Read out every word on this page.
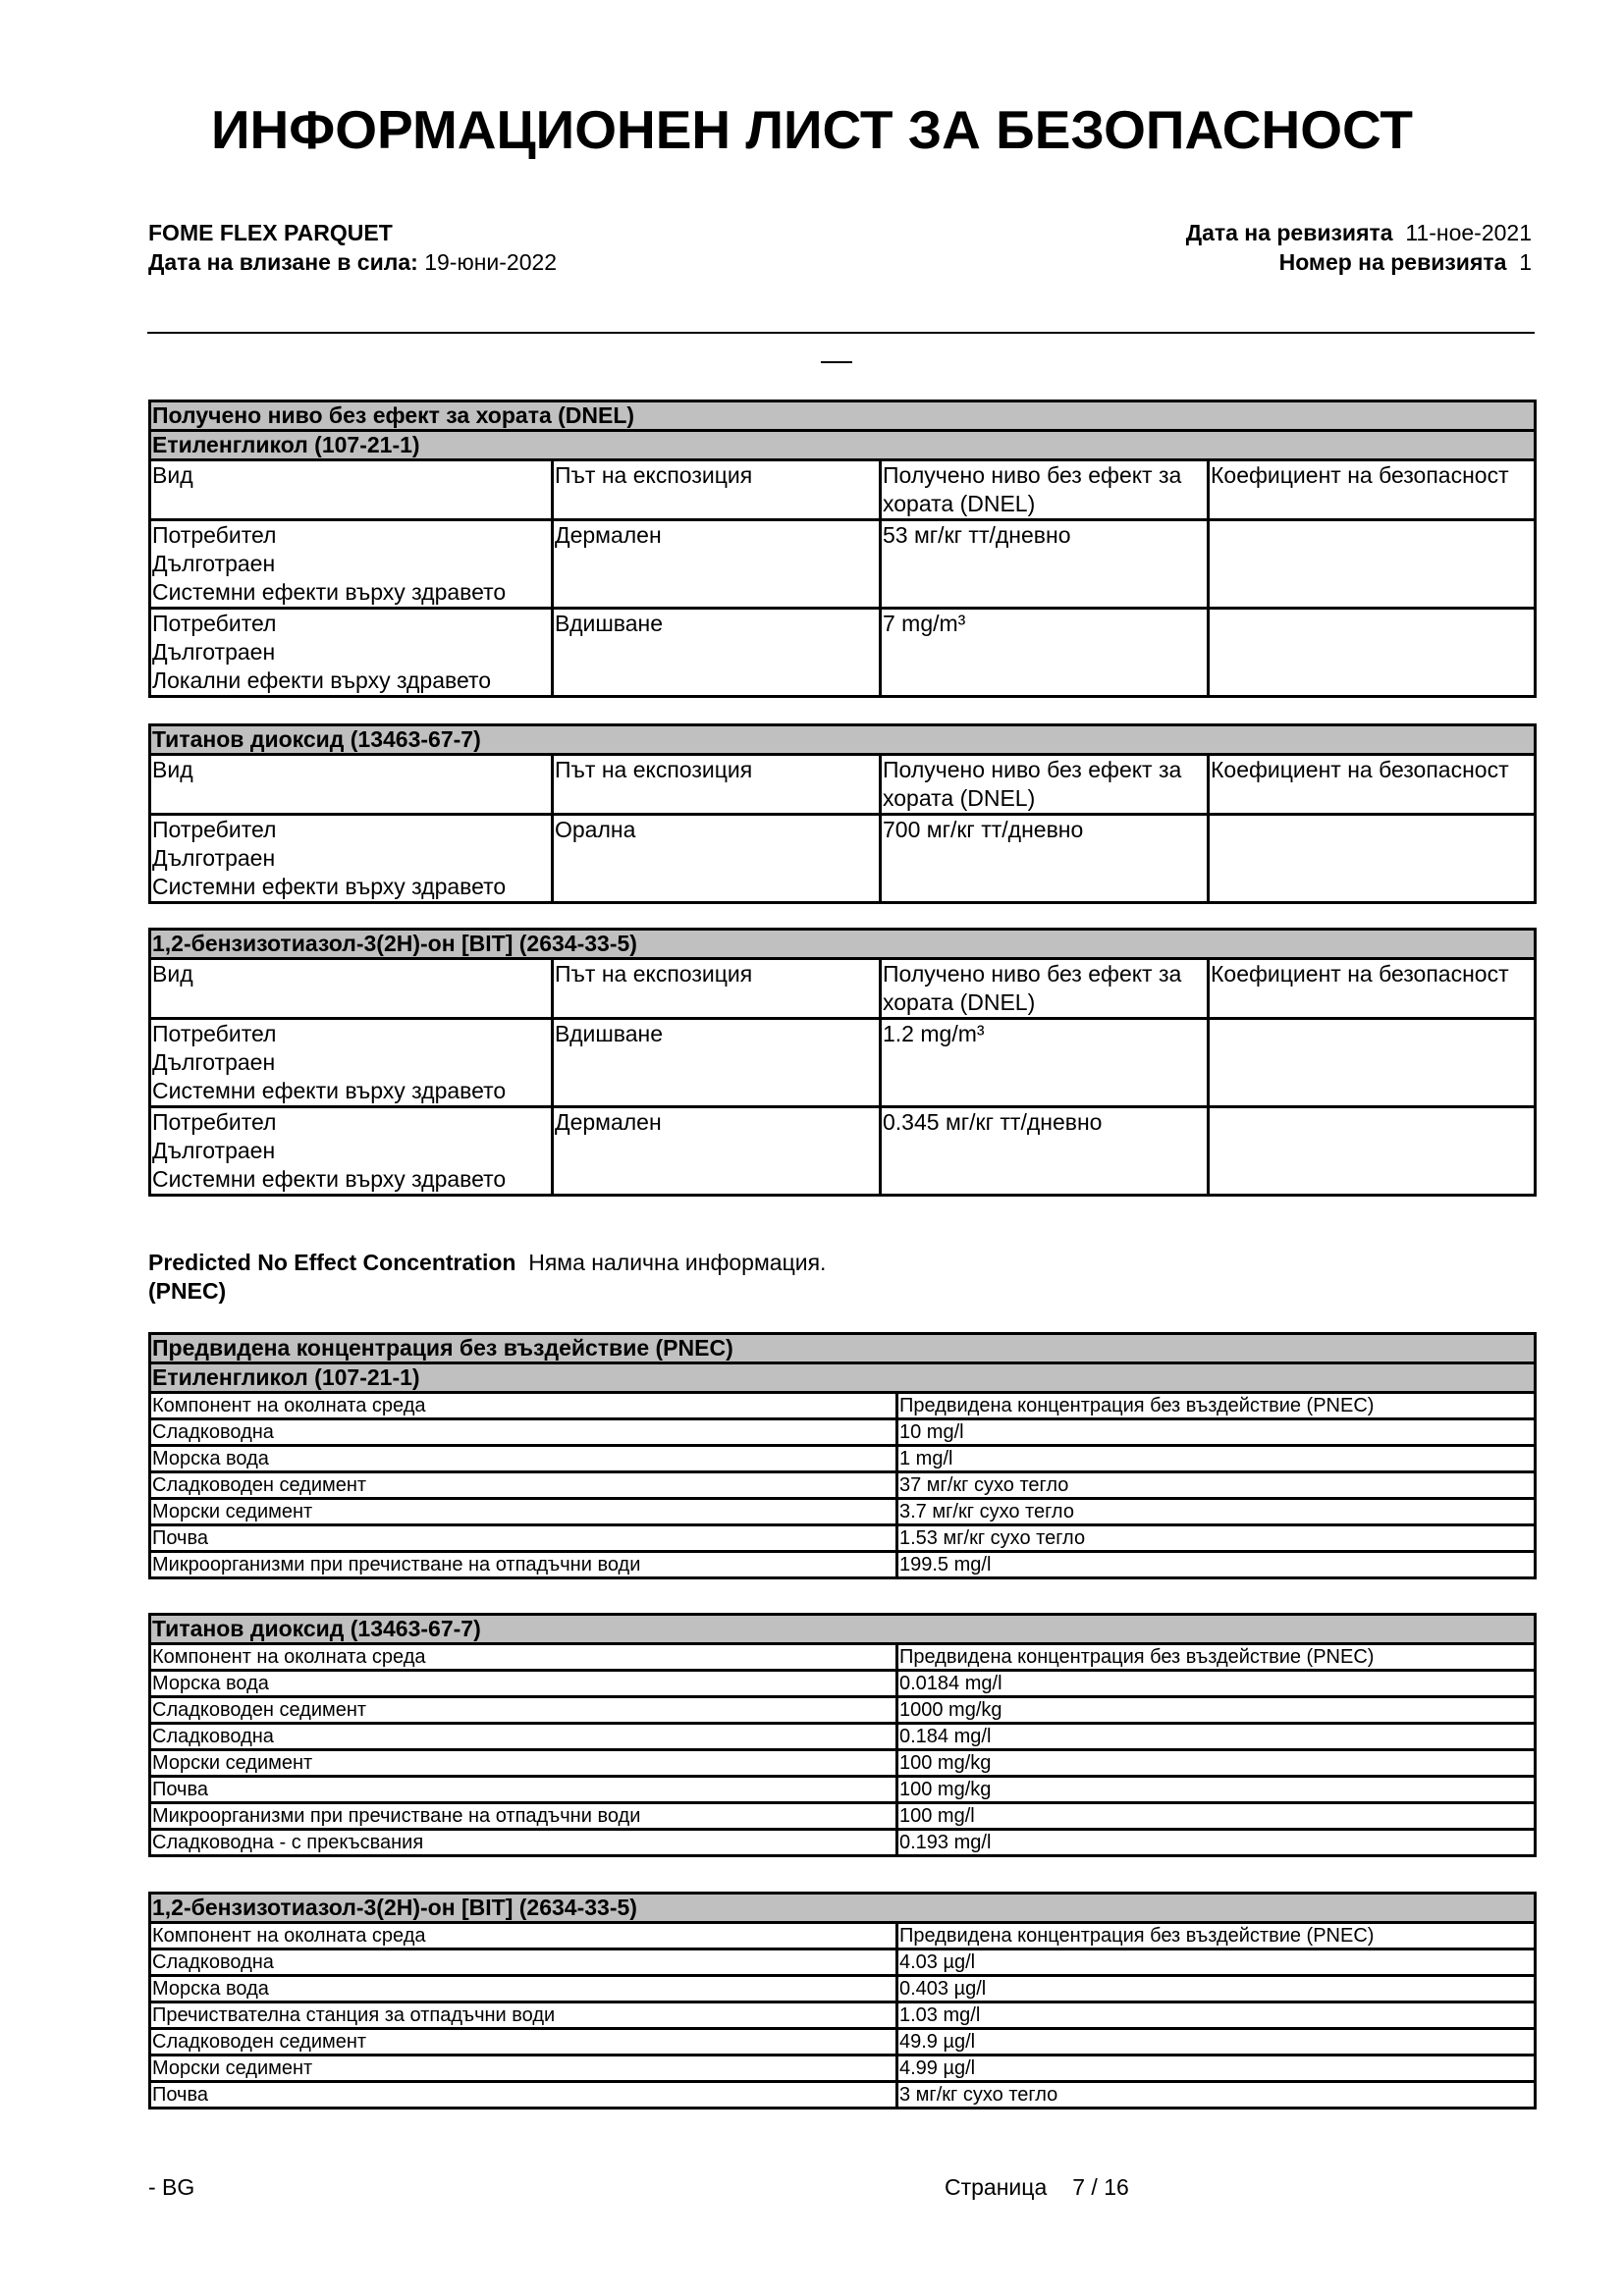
ИНФОРМАЦИОНЕН ЛИСТ ЗА БЕЗОПАСНОСТ
FOME FLEX PARQUET
Дата на влизане в сила: 19-юни-2022
Дата на ревизията 11-ное-2021
Номер на ревизията 1
Получено ниво без ефект за хората (DNEL)			
Етиленгликол (107-21-1)			
Вид	Път на експозиция	Получено ниво без ефект за хората (DNEL)	Коефициент на безопасност

Потребител
Дълготраен
Системни ефекти върху здравето	Дермален	53 мг/кг тт/дневно	

Потребител
Дълготраен
Локални ефекти върху здравето	Вдишване	7 mg/m³	
Титанов диоксид (13463-67-7)			
Вид	Път на експозиция	Получено ниво без ефект за хората (DNEL)	Коефициент на безопасност

Потребител
Дълготраен
Системни ефекти върху здравето	Орална	700 мг/кг тт/дневно	
1,2-бензизотиазол-3(2H)-он [BIT] (2634-33-5)			
Вид	Път на експозиция	Получено ниво без ефект за хората (DNEL)	Коефициент на безопасност

Потребител
Дълготраен
Системни ефекти върху здравето	Вдишване	1.2 mg/m³	

Потребител
Дълготраен
Системни ефекти върху здравето	Дермален	0.345 мг/кг тт/дневно	
Predicted No Effect Concentration Няма налична информация.
(PNEC)
Предвидена концентрация без въздействие (PNEC)	
Етиленгликол (107-21-1)	
Компонент на околната среда	Предвидена концентрация без въздействие (PNEC)
Сладководна	10 mg/l
Морска вода	1 mg/l
Сладководен седимент	37 мг/кг сухо тегло
Морски седимент	3.7 мг/кг сухо тегло
Почва	1.53 мг/кг сухо тегло
Микроорганизми при пречистване на отпадъчни води	199.5 mg/l
Титанов диоксид (13463-67-7)	
Компонент на околната среда	Предвидена концентрация без въздействие (PNEC)
Морска вода	0.0184 mg/l
Сладководен седимент	1000 mg/kg
Сладководна	0.184 mg/l
Морски седимент	100 mg/kg
Почва	100 mg/kg
Микроорганизми при пречистване на отпадъчни води	100 mg/l
Сладководна - с прекъсвания	0.193 mg/l
1,2-бензизотиазол-3(2H)-он [BIT] (2634-33-5)	
Компонент на околната среда	Предвидена концентрация без въздействие (PNEC)
Сладководна	4.03 µg/l
Морска вода	0.403 µg/l
Пречиствателна станция за отпадъчни води	1.03 mg/l
Сладководен седимент	49.9 µg/l
Морски седимент	4.99 µg/l
Почва	3 мг/кг сухо тегло
- BG	Страница 7 / 16
